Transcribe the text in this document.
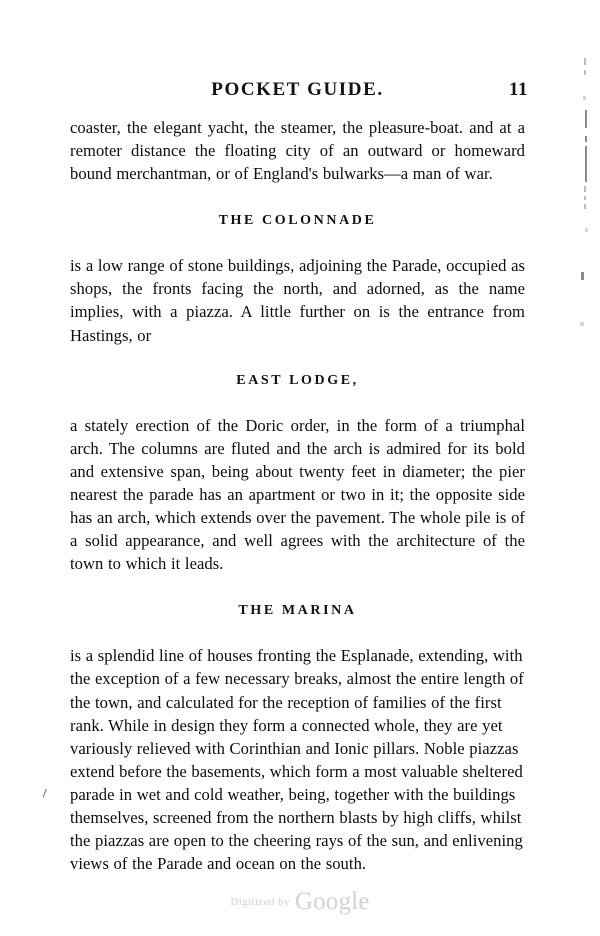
POCKET GUIDE.	11

coaster, the elegant yacht, the steamer, the pleasure-boat. and at a remoter distance the floating city of an outward or homeward bound merchantman, or of England's bulwarks—a man of war.

THE COLONNADE

is a low range of stone buildings, adjoining the Parade, occupied as shops, the fronts facing the north, and adorned, as the name implies, with a piazza. A little further on is the entrance from Hastings, or

EAST LODGE,

a stately erection of the Doric order, in the form of a triumphal arch. The columns are fluted and the arch is admired for its bold and extensive span, being about twenty feet in diameter; the pier nearest the parade has an apartment or two in it; the opposite side has an arch, which extends over the pavement. The whole pile is of a solid appearance, and well agrees with the architecture of the town to which it leads.

THE MARINA

is a splendid line of houses fronting the Esplanade, extending, with the exception of a few necessary breaks, almost the entire length of the town, and calculated for the reception of families of the first rank. While in design they form a connected whole, they are yet variously relieved with Corinthian and Ionic pillars. Noble piazzas extend before the basements, which form a most valuable sheltered parade in wet and cold weather, being, together with the buildings themselves, screened from the northern blasts by high cliffs, whilst the piazzas are open to the cheering rays of the sun, and enlivening views of the Parade and ocean on the south.

$^{Digitized by}$ Google
